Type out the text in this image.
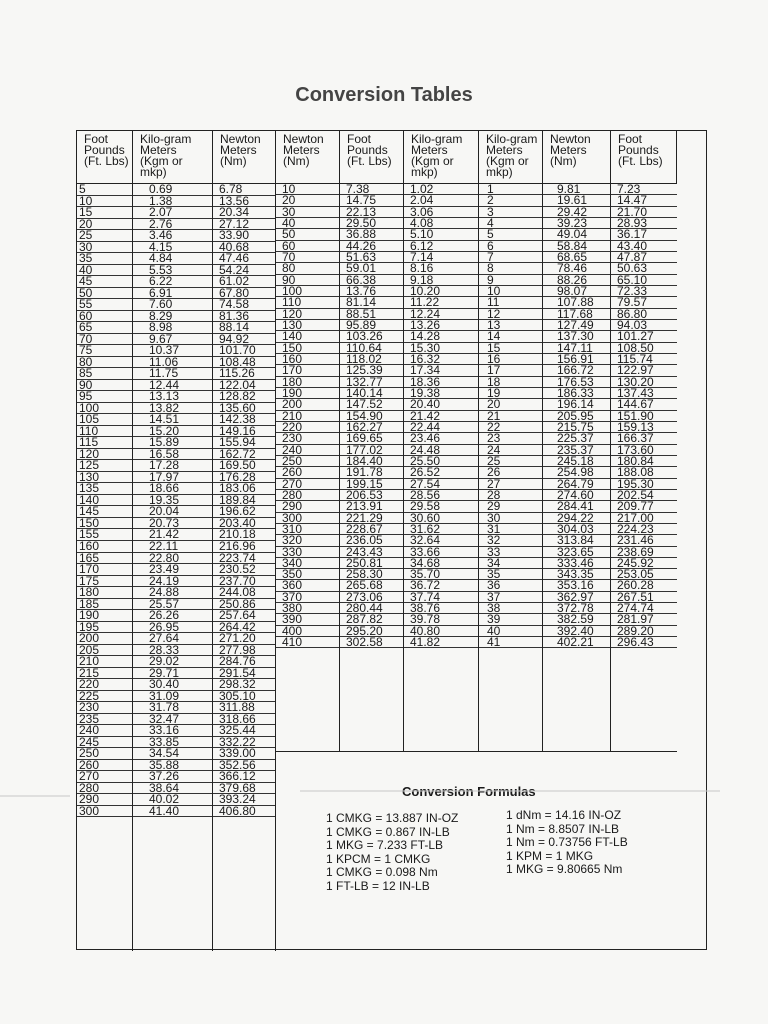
Conversion Tables
Foot
Pounds
(Ft. Lbs)
Kilo-gram
Meters
(Kgm or
mkp)
Newton
Meters
(Nm)
Newton
Meters
(Nm)
Foot
Pounds
(Ft. Lbs)
Kilo-gram
Meters
(Kgm or
mkp)
Kilo-gram
Meters
(Kgm or
mkp)
Newton
Meters
(Nm)
Foot
Pounds
(Ft. Lbs)
5
10
15
20
25
30
35
40
45
50
55
60
65
70
75
80
85
90
95
100
105
110
115
120
125
130
135
140
145
150
155
160
165
170
175
180
185
190
195
200
205
210
215
220
225
230
235
240
245
250
260
270
280
290
300
0.69
1.38
2.07
2.76
3.46
4.15
4.84
5.53
6.22
6.91
7.60
8.29
8.98
9.67
10.37
11.06
11.75
12.44
13.13
13.82
14.51
15.20
15.89
16.58
17.28
17.97
18.66
19.35
20.04
20.73
21.42
22.11
22.80
23.49
24.19
24.88
25.57
26.26
26.95
27.64
28.33
29.02
29.71
30.40
31.09
31.78
32.47
33.16
33.85
34.54
35.88
37.26
38.64
40.02
41.40
6.78
13.56
20.34
27.12
33.90
40.68
47.46
54.24
61.02
67.80
74.58
81.36
88.14
94.92
101.70
108.48
115.26
122.04
128.82
135.60
142.38
149.16
155.94
162.72
169.50
176.28
183.06
189.84
196.62
203.40
210.18
216.96
223.74
230.52
237.70
244.08
250.86
257.64
264.42
271.20
277.98
284.76
291.54
298.32
305.10
311.88
318.66
325.44
332.22
339.00
352.56
366.12
379.68
393.24
406.80
10
20
30
40
50
60
70
80
90
100
110
120
130
140
150
160
170
180
190
200
210
220
230
240
250
260
270
280
290
300
310
320
330
340
350
360
370
380
390
400
410
7.38
14.75
22.13
29.50
36.88
44.26
51.63
59.01
66.38
13.76
81.14
88.51
95.89
103.26
110.64
118.02
125.39
132.77
140.14
147.52
154.90
162.27
169.65
177.02
184.40
191.78
199.15
206.53
213.91
221.29
228.67
236.05
243.43
250.81
258.30
265.68
273.06
280.44
287.82
295.20
302.58
1.02
2.04
3.06
4.08
5.10
6.12
7.14
8.16
9.18
10.20
11.22
12.24
13.26
14.28
15.30
16.32
17.34
18.36
19.38
20.40
21.42
22.44
23.46
24.48
25.50
26.52
27.54
28.56
29.58
30.60
31.62
32.64
33.66
34.68
35.70
36.72
37.74
38.76
39.78
40.80
41.82
1
2
3
4
5
6
7
8
9
10
11
12
13
14
15
16
17
18
19
20
21
22
23
24
25
26
27
28
29
30
31
32
33
34
35
36
37
38
39
40
41
9.81
19.61
29.42
39.23
49.04
58.84
68.65
78.46
88.26
98.07
107.88
117.68
127.49
137.30
147.11
156.91
166.72
176.53
186.33
196.14
205.95
215.75
225.37
235.37
245.18
254.98
264.79
274.60
284.41
294.22
304.03
313.84
323.65
333.46
343.35
353.16
362.97
372.78
382.59
392.40
402.21
7.23
14.47
21.70
28.93
36.17
43.40
47.87
50.63
65.10
72.33
79.57
86.80
94.03
101.27
108.50
115.74
122.97
130.20
137.43
144.67
151.90
159.13
166.37
173.60
180.84
188.08
195.30
202.54
209.77
217.00
224.23
231.46
238.69
245.92
253.05
260.28
267.51
274.74
281.97
289.20
296.43
1 CMKG = 13.887 IN-OZ
1 CMKG = 0.867 IN-LB
1 MKG = 7.233 FT-LB
1 KPCM = 1 CMKG
1 CMKG = 0.098 Nm
1 FT-LB = 12 IN-LB
1 dNm = 14.16 IN-OZ
1 Nm = 8.8507 IN-LB
1 Nm = 0.73756 FT-LB
1 KPM = 1 MKG
1 MKG = 9.80665 Nm
